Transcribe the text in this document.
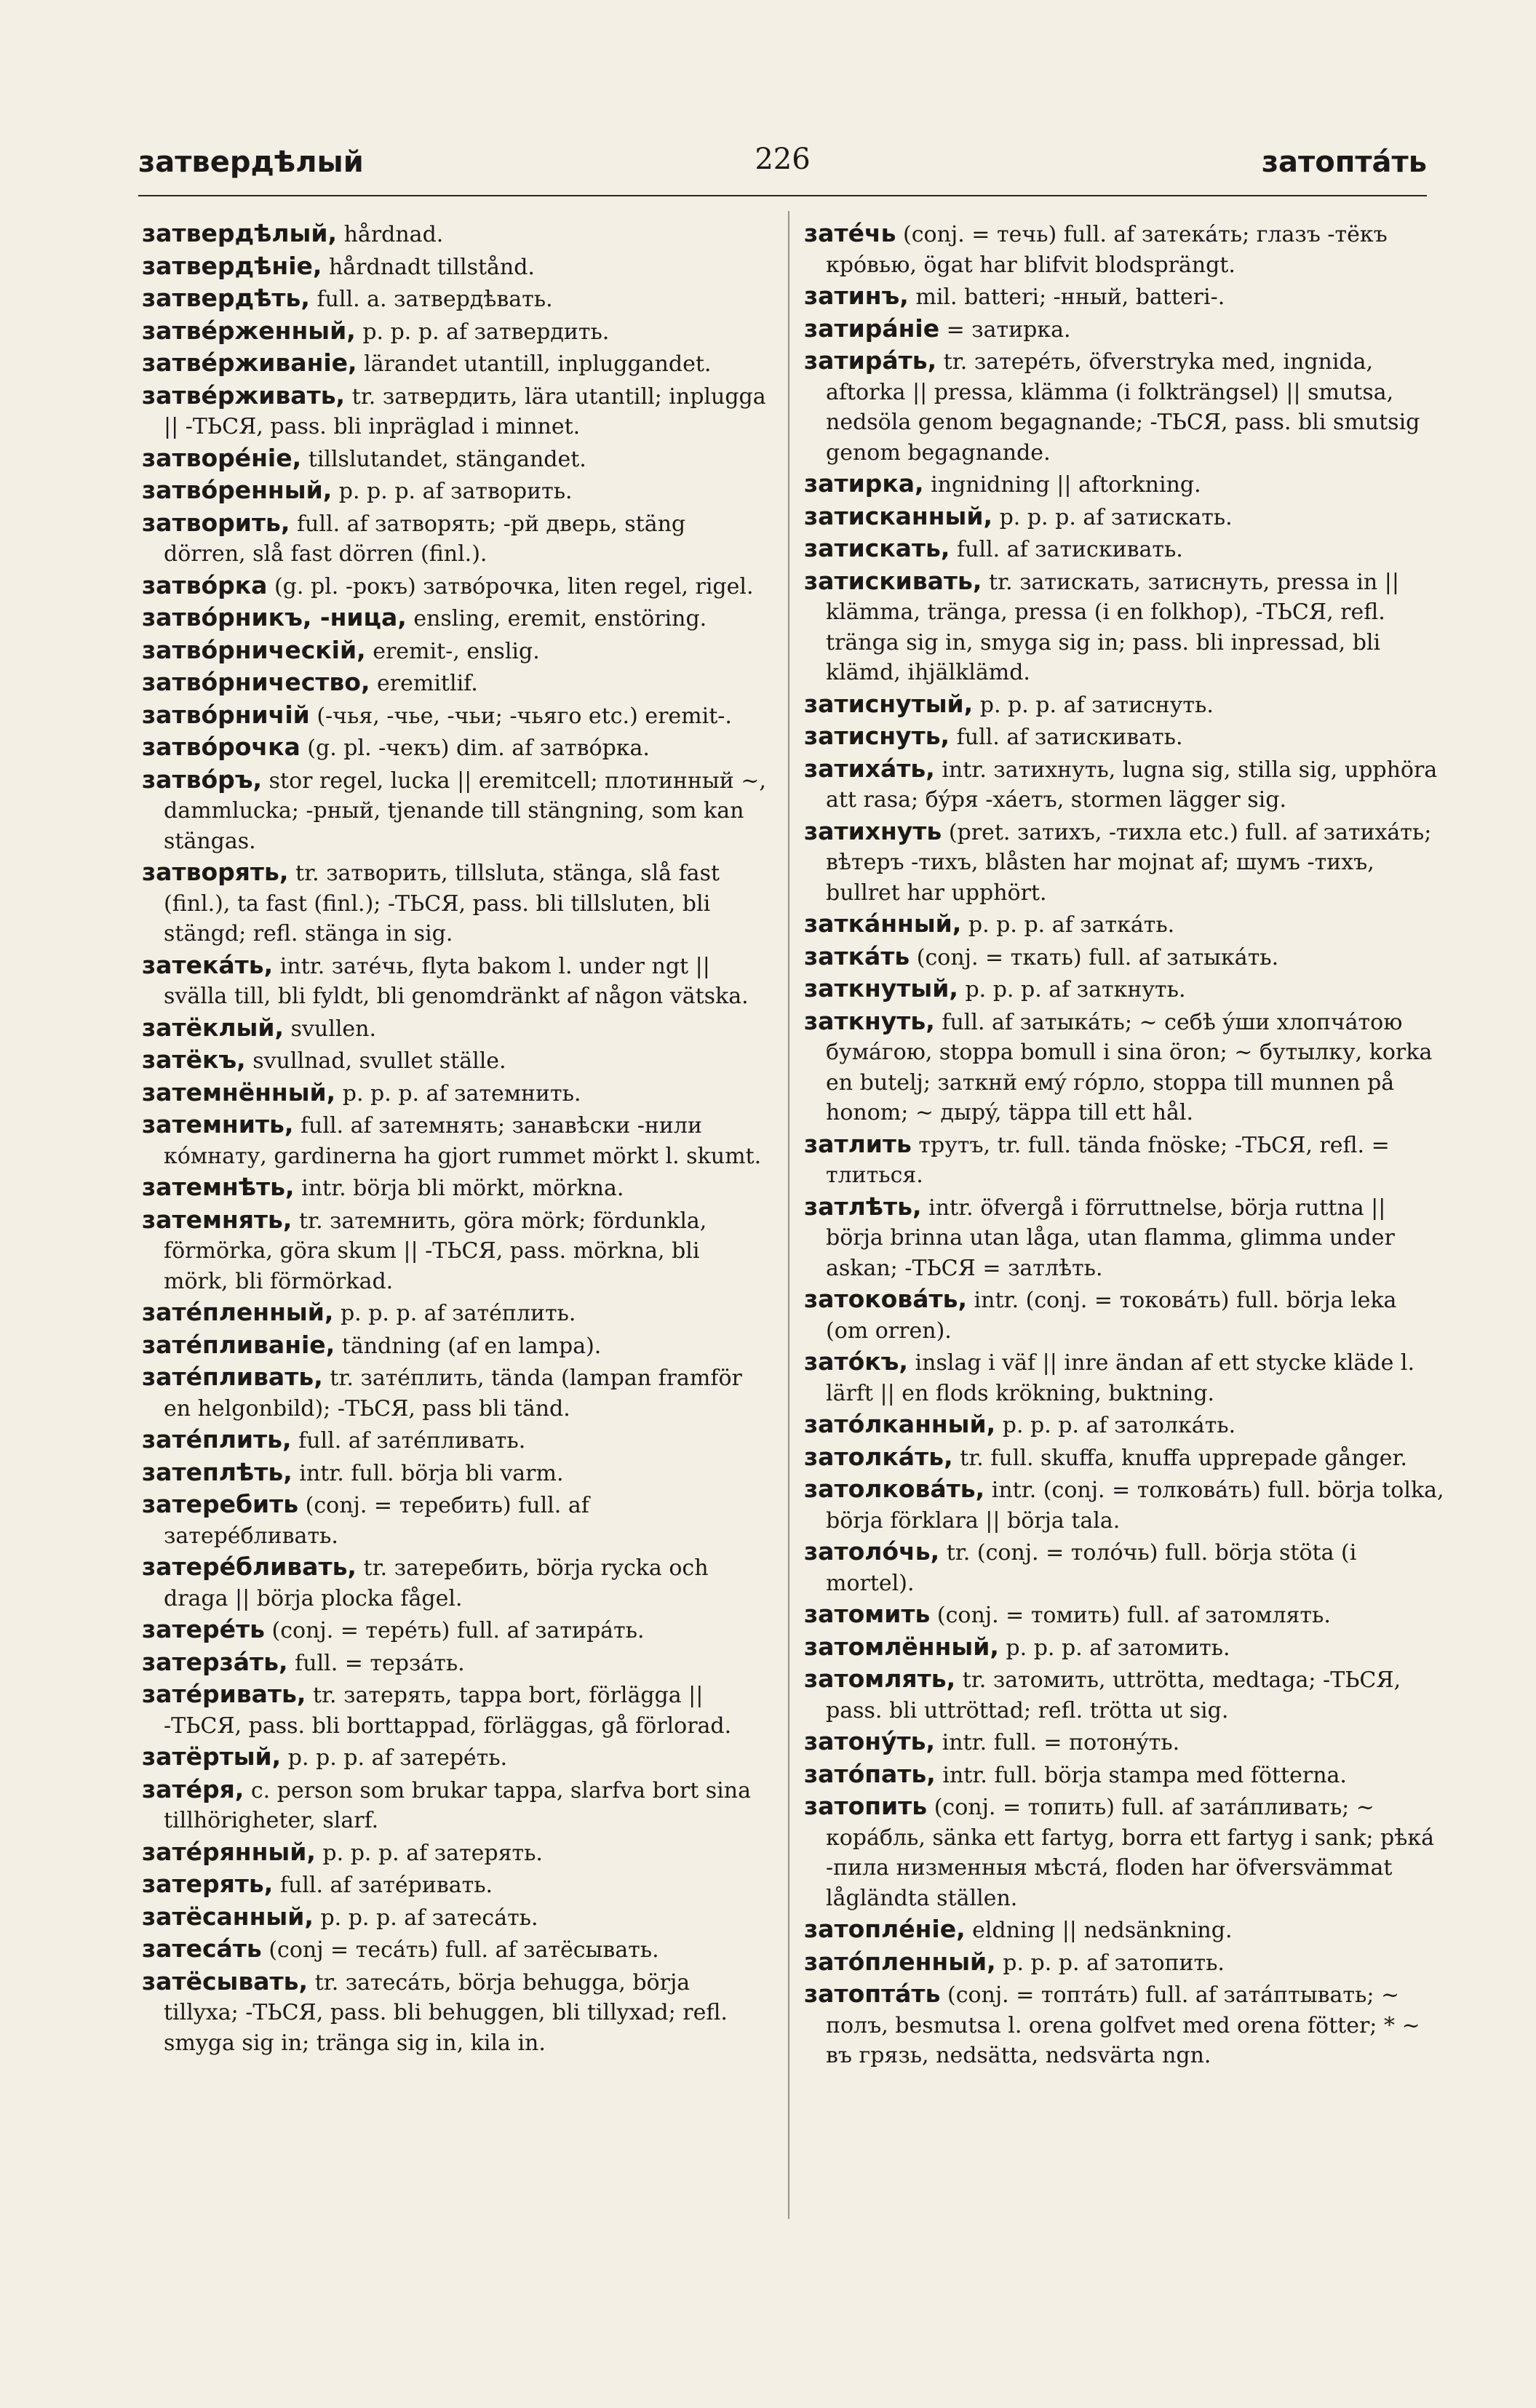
затвердѣлый	226	затоптáть
затвердѣлый, hårdnad.
затвердѣніе, hårdnadt tillstånd.
затвердѣть, full. a. затвердѣвать.
затвéрженный, p. p. p. af затвердить.
затвéрживаніе, lärandet utantill, inpluggandet.
затвéрживать, tr. затвердить, lära utantill; inplugga || -ТЬСЯ, pass. bli inpräglad i minnet.
затворéніе, tillslutandet, stängandet.
затвóренный, p. p. p. af затворить.
затворить, full. af затворять; -рй дверь, stäng dörren, slå fast dörren (finl.).
затвóрка (g. pl. -рокъ) затвóрочка, liten regel, rigel.
затвóрникъ, -ница, ensling, eremit, enstöring.
затвóрническій, eremit-, enslig.
затвóрничество, eremitlif.
затвóрничій (-чья, -чье, -чьи; -чьяго etc.) eremit-.
затвóрочка (g. pl. -чекъ) dim. af затвóрка.
затвóръ, stor regel, lucka || eremitcell; плотинный ~, dammlucka; -рный, tjenande till stängning, som kan stängas.
затворять, tr. затворить, tillsluta, stänga, slå fast (finl.), ta fast (finl.); -ТЬСЯ, pass. bli tillsluten, bli stängd; refl. stänga in sig.
затекáть, intr. затéчь, flyta bakom l. under ngt || svälla till, bli fyldt, bli genomdränkt af någon vätska.
затёклый, svullen.
затёкъ, svullnad, svullet ställe.
затемнённый, p. p. p. af затемнить.
затемнить, full. af затемнять; занавѣски -нили кóмнату, gardinerna ha gjort rummet mörkt l. skumt.
затемнѣть, intr. börja bli mörkt, mörkna.
затемнять, tr. затемнить, göra mörk; fördunkla, förmörka, göra skum || -ТЬСЯ, pass. mörkna, bli mörk, bli förmörkad.
затéпленный, p. p. p. af затéплить.
затéпливаніе, tändning (af en lampa).
затéпливать, tr. затéплить, tända (lampan framför en helgonbild); -ТЬСЯ, pass bli tänd.
затéплить, full. af затéпливать.
затеплѣть, intr. full. börja bli varm.
затеребить (conj. = теребить) full. af затерéбливать.
затерéбливать, tr. затеребить, börja rycka och draga || börja plocka fågel.
затерéть (conj. = терéть) full. af затирáть.
затерзáть, full. = терзáть.
затéривать, tr. затерять, tappa bort, förlägga || -ТЬСЯ, pass. bli borttappad, förläggas, gå förlorad.
затёртый, p. p. p. af затерéть.
затéря, c. person som brukar tappa, slarfva bort sina tillhörigheter, slarf.
затéрянный, p. p. p. af затерять.
затерять, full. af затéривать.
затёсанный, p. p. p. af затесáть.
затесáть (conj = тесáть) full. af затёсывать.
затёсывать, tr. затесáть, börja behugga, börja tillyxa; -ТЬСЯ, pass. bli behuggen, bli tillyxad; refl. smyga sig in; tränga sig in, kila in.
затéчь (conj. = течь) full. af затекáть; глазъ -тёкъ крóвью, ögat har blifvit blodsprängt.
затинъ, mil. batteri; -нный, batteri-.
затирáніе = затирка.
затирáть, tr. затерéть, öfverstryka med, ingnida, aftorka || pressa, klämma (i folkträngsel) || smutsa, nedsöla genom begagnande; -ТЬСЯ, pass. bli smutsig genom begagnande.
затирка, ingnidning || aftorkning.
затисканный, p. p. p. af затискать.
затискать, full. af затискивать.
затискивать, tr. затискать, затиснуть, pressa in || klämma, tränga, pressa (i en folkhop), -ТЬСЯ, refl. tränga sig in, smyga sig in; pass. bli inpressad, bli klämd, ihjälklämd.
затиснутый, p. p. p. af затиснуть.
затиснуть, full. af затискивать.
затихáть, intr. затихнуть, lugna sig, stilla sig, upphöra att rasa; бýря -хáетъ, stormen lägger sig.
затихнуть (pret. затихъ, -тихла etc.) full. af затихáть; вѣтеръ -тихъ, blåsten har mojnat af; шумъ -тихъ, bullret har upphört.
заткáнный, p. p. p. af заткáть.
заткáть (conj. = ткать) full. af затыкáть.
заткнутый, p. p. p. af заткнуть.
заткнуть, full. af затыкáть; ~ себѣ ýши хлопчáтою бумáгою, stoppa bomull i sina öron; ~ бутылку, korka en butelj; заткнй емý гóрло, stoppa till munnen på honom; ~ дырý, täppa till ett hål.
затлить трутъ, tr. full. tända fnöske; -ТЬСЯ, refl. = тлиться.
затлѣть, intr. öfvergå i förruttnelse, börja ruttna || börja brinna utan låga, utan flamma, glimma under askan; -ТЬСЯ = затлѣть.
затоковáть, intr. (conj. = токовáть) full. börja leka (om orren).
затóкъ, inslag i väf || inre ändan af ett stycke kläde l. lärft || en flods krökning, buktning.
затóлканный, p. p. p. af затолкáть.
затолкáть, tr. full. skuffa, knuffa upprepade gånger.
затолковáть, intr. (conj. = толковáть) full. börja tolka, börja förklara || börja tala.
затолóчь, tr. (conj. = толóчь) full. börja stöta (i mortel).
затомить (conj. = томить) full. af затомлять.
затомлённый, p. p. p. af затомить.
затомлять, tr. затомить, uttrötta, medtaga; -ТЬСЯ, pass. bli uttröttad; refl. trötta ut sig.
затонýть, intr. full. = потонýть.
затóпать, intr. full. börja stampa med fötterna.
затопить (conj. = топить) full. af затáпливать; ~ корáбль, sänka ett fartyg, borra ett fartyg i sank; рѣкá -пила низменныя мѣстá, floden har öfversvämmat lågländta ställen.
затоплéніе, eldning || nedsänkning.
затóпленный, p. p. p. af затопить.
затоптáть (conj. = топтáть) full. af затáптывать; ~ полъ, besmutsa l. orena golfvet med orena fötter; * ~ въ грязь, nedsätta, nedsvärta ngn.
